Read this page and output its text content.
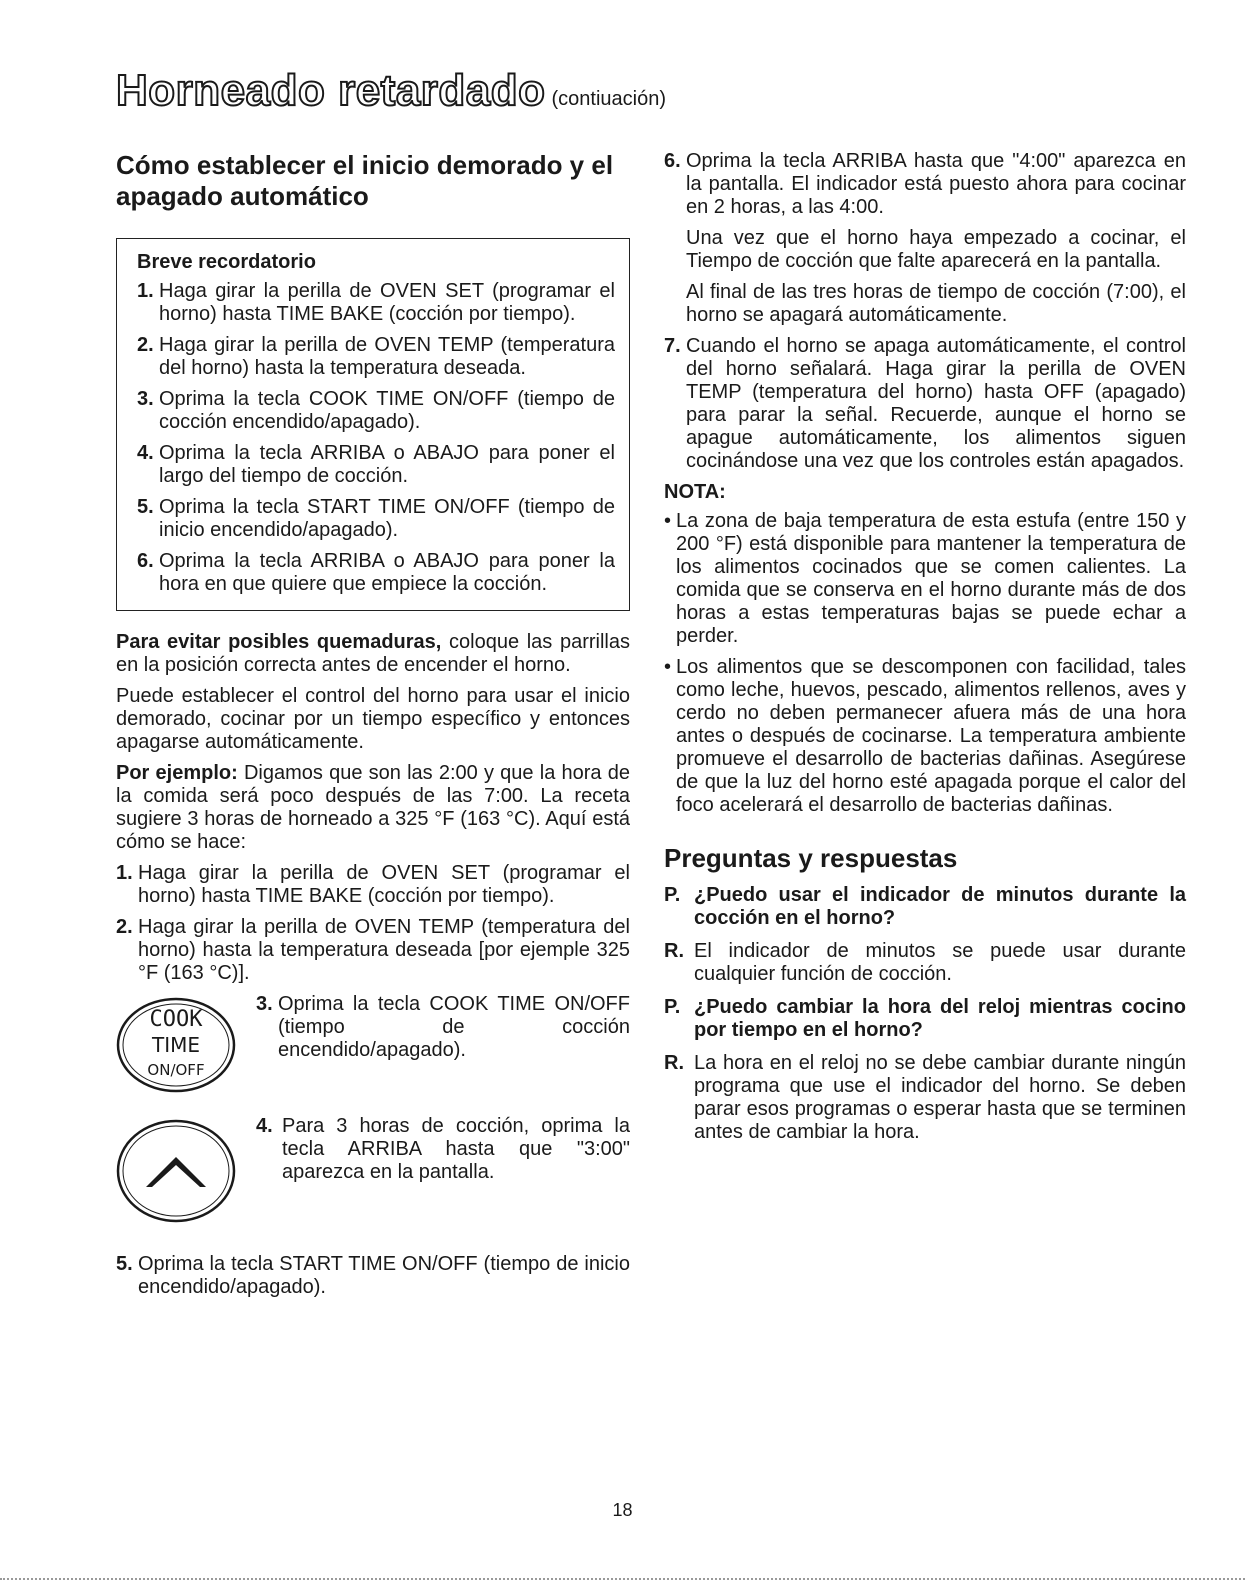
Horneado retardado (contiuación)
Cómo establecer el inicio demorado y el apagado automático
Breve recordatorio
1. Haga girar la perilla de OVEN SET (programar el horno) hasta TIME BAKE (cocción por tiempo).
2. Haga girar la perilla de OVEN TEMP (temperatura del horno) hasta la temperatura deseada.
3. Oprima la tecla COOK TIME ON/OFF (tiempo de cocción encendido/apagado).
4. Oprima la tecla ARRIBA o ABAJO para poner el largo del tiempo de cocción.
5. Oprima la tecla START TIME ON/OFF (tiempo de inicio encendido/apagado).
6. Oprima la tecla ARRIBA o ABAJO para poner la hora en que quiere que empiece la cocción.

Para evitar posibles quemaduras, coloque las parrillas en la posición correcta antes de encender el horno.

Puede establecer el control del horno para usar el inicio demorado, cocinar por un tiempo específico y entonces apagarse automáticamente.

Por ejemplo: Digamos que son las 2:00 y que la hora de la comida será poco después de las 7:00. La receta sugiere 3 horas de horneado a 325 °F (163 °C). Aquí está cómo se hace:

1. Haga girar la perilla de OVEN SET (programar el horno) hasta TIME BAKE (cocción por tiempo).
2. Haga girar la perilla de OVEN TEMP (temperatura del horno) hasta la temperatura deseada [por ejemple 325 °F (163 °C)].
COOK
TIME
ON/OFF
3. Oprima la tecla COOK TIME ON/OFF (tiempo de cocción encendido/apagado).
4. Para 3 horas de cocción, oprima la tecla ARRIBA hasta que "3:00" aparezca en la pantalla.
5. Oprima la tecla START TIME ON/OFF (tiempo de inicio encendido/apagado).
6. Oprima la tecla ARRIBA hasta que "4:00" aparezca en la pantalla. El indicador está puesto ahora para cocinar en 2 horas, a las 4:00.

Una vez que el horno haya empezado a cocinar, el Tiempo de cocción que falte aparecerá en la pantalla.

Al final de las tres horas de tiempo de cocción (7:00), el horno se apagará automáticamente.

7. Cuando el horno se apaga automáticamente, el control del horno señalará. Haga girar la perilla de OVEN TEMP (temperatura del horno) hasta OFF (apagado) para parar la señal. Recuerde, aunque el horno se apague automáticamente, los alimentos siguen cocinándose una vez que los controles están apagados.
NOTA:
• La zona de baja temperatura de esta estufa (entre 150 y 200 °F) está disponible para mantener la temperatura de los alimentos cocinados que se comen calientes. La comida que se conserva en el horno durante más de dos horas a estas temperaturas bajas se puede echar a perder.
• Los alimentos que se descomponen con facilidad, tales como leche, huevos, pescado, alimentos rellenos, aves y cerdo no deben permanecer afuera más de una hora antes o después de cocinarse. La temperatura ambiente promueve el desarrollo de bacterias dañinas. Asegúrese de que la luz del horno esté apagada porque el calor del foco acelerará el desarrollo de bacterias dañinas.
Preguntas y respuestas
P. ¿Puedo usar el indicador de minutos durante la cocción en el horno?
R. El indicador de minutos se puede usar durante cualquier función de cocción.
P. ¿Puedo cambiar la hora del reloj mientras cocino por tiempo en el horno?
R. La hora en el reloj no se debe cambiar durante ningún programa que use el indicador del horno. Se deben parar esos programas o esperar hasta que se terminen antes de cambiar la hora.
18
